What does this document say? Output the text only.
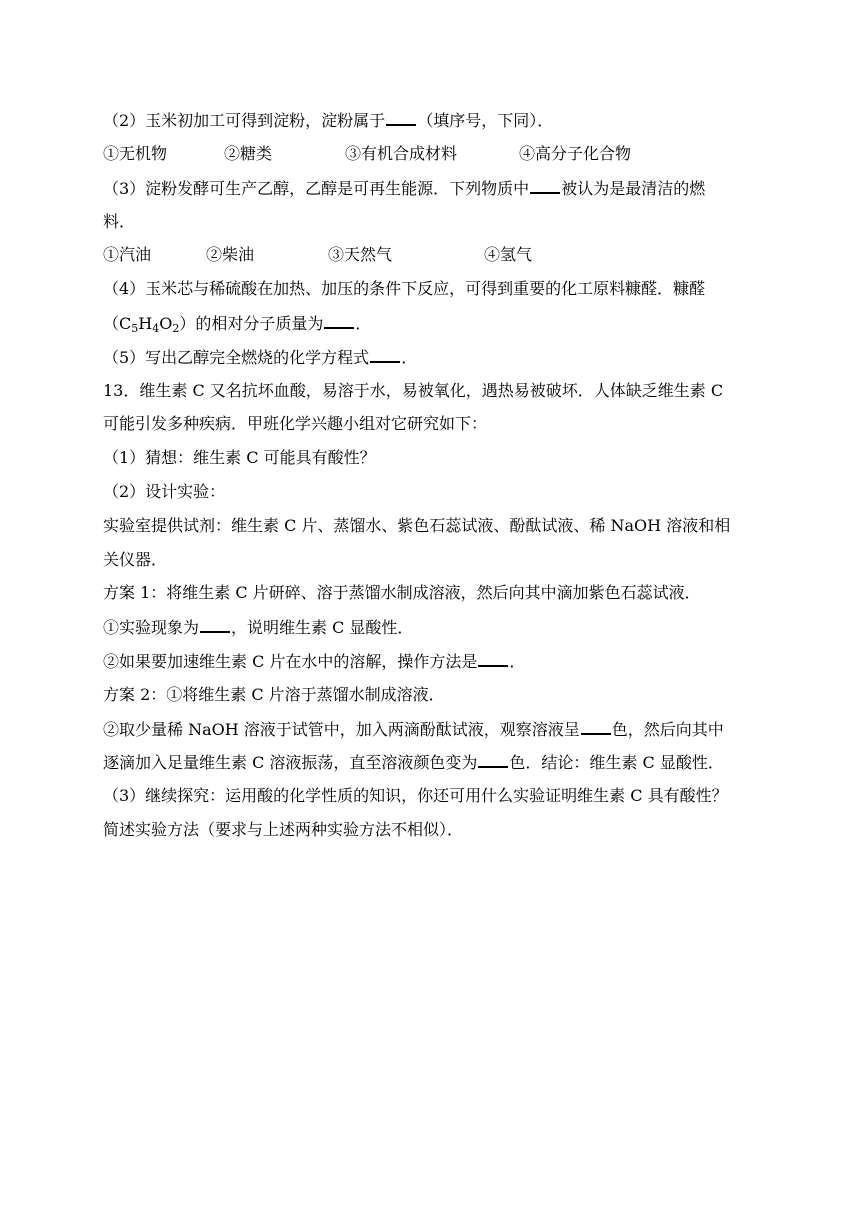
（2）玉米初加工可得到淀粉，淀粉属于 （填序号，下同）．
①无机物	②糖类	③有机合成材料	④高分子化合物
（3）淀粉发酵可生产乙醇，乙醇是可再生能源．下列物质中 被认为是最清洁的燃
料．
①汽油	②柴油	③天然气	④氢气
（4）玉米芯与稀硫酸在加热、加压的条件下反应，可得到重要的化工原料糠醛．糠醛
$(C_5H_4O_2)$的相对分子质量为 ．
（5）写出乙醇完全燃烧的化学方程式 ．
13．维生素 C 又名抗坏血酸，易溶于水，易被氧化，遇热易被破坏．人体缺乏维生素 C
可能引发多种疾病．甲班化学兴趣小组对它研究如下：
（1）猜想：维生素 C 可能具有酸性？
（2）设计实验：
实验室提供试剂：维生素 C 片、蒸馏水、紫色石蕊试液、酚酞试液、稀 NaOH 溶液和相
关仪器．
方案 1：将维生素 C 片研碎、溶于蒸馏水制成溶液，然后向其中滴加紫色石蕊试液．
①实验现象为 ，说明维生素 C 显酸性．
②如果要加速维生素 C 片在水中的溶解，操作方法是 ．
方案 2：①将维生素 C 片溶于蒸馏水制成溶液．
②取少量稀 NaOH 溶液于试管中，加入两滴酚酞试液，观察溶液呈 色，然后向其中
逐滴加入足量维生素 C 溶液振荡，直至溶液颜色变为 色．结论：维生素 C 显酸性．
（3）继续探究：运用酸的化学性质的知识，你还可用什么实验证明维生素 C 具有酸性？
简述实验方法（要求与上述两种实验方法不相似）．
